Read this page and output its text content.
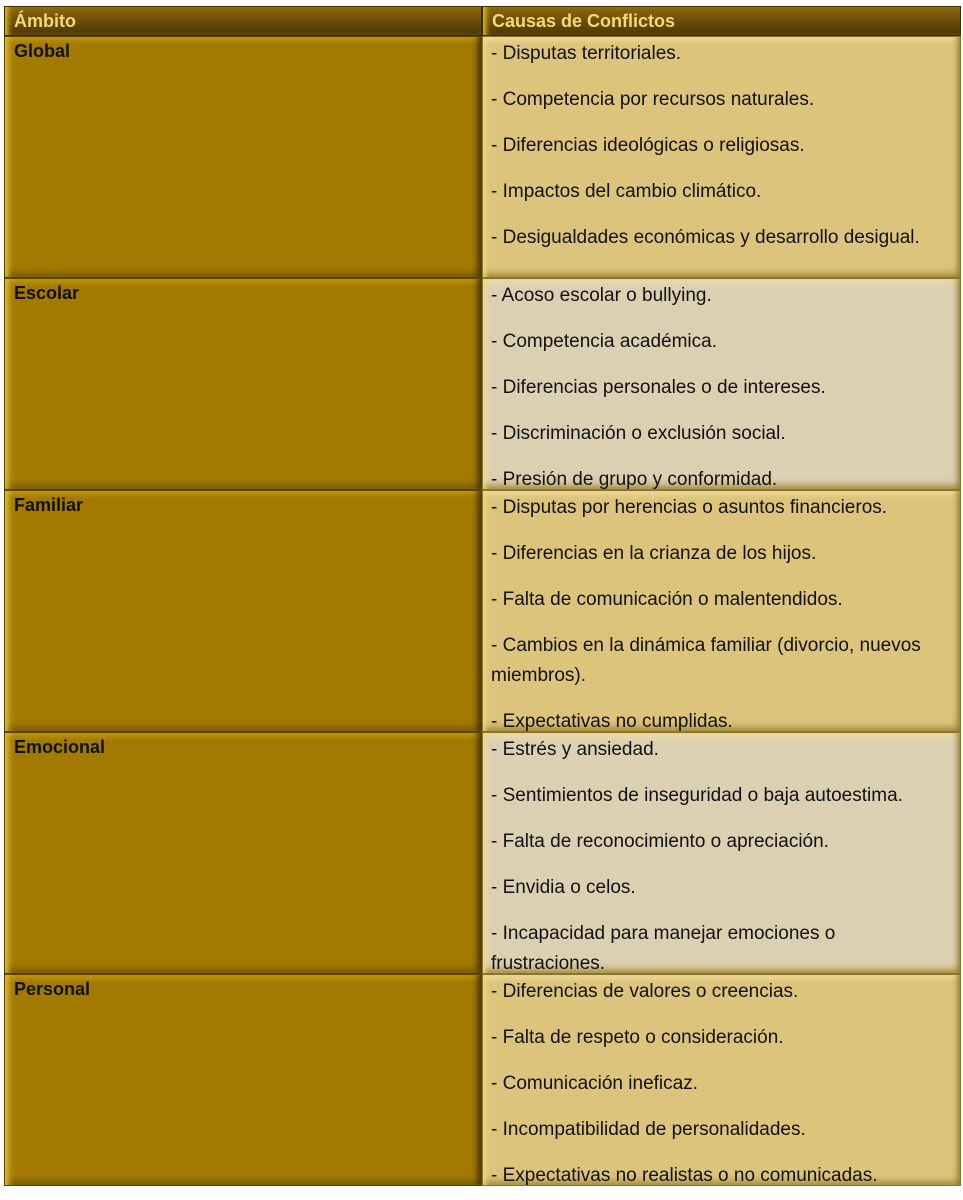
Ámbito	Causas de Conflictos
Global	- Disputas territoriales.
- Competencia por recursos naturales.
- Diferencias ideológicas o religiosas.
- Impactos del cambio climático.
- Desigualdades económicas y desarrollo desigual.
Escolar	- Acoso escolar o bullying.
- Competencia académica.
- Diferencias personales o de intereses.
- Discriminación o exclusión social.
- Presión de grupo y conformidad.
Familiar	- Disputas por herencias o asuntos financieros.
- Diferencias en la crianza de los hijos.
- Falta de comunicación o malentendidos.
- Cambios en la dinámica familiar (divorcio, nuevos miembros).
- Expectativas no cumplidas.
Emocional	- Estrés y ansiedad.
- Sentimientos de inseguridad o baja autoestima.
- Falta de reconocimiento o apreciación.
- Envidia o celos.
- Incapacidad para manejar emociones o frustraciones.
Personal	- Diferencias de valores o creencias.
- Falta de respeto o consideración.
- Comunicación ineficaz.
- Incompatibilidad de personalidades.
- Expectativas no realistas o no comunicadas.
